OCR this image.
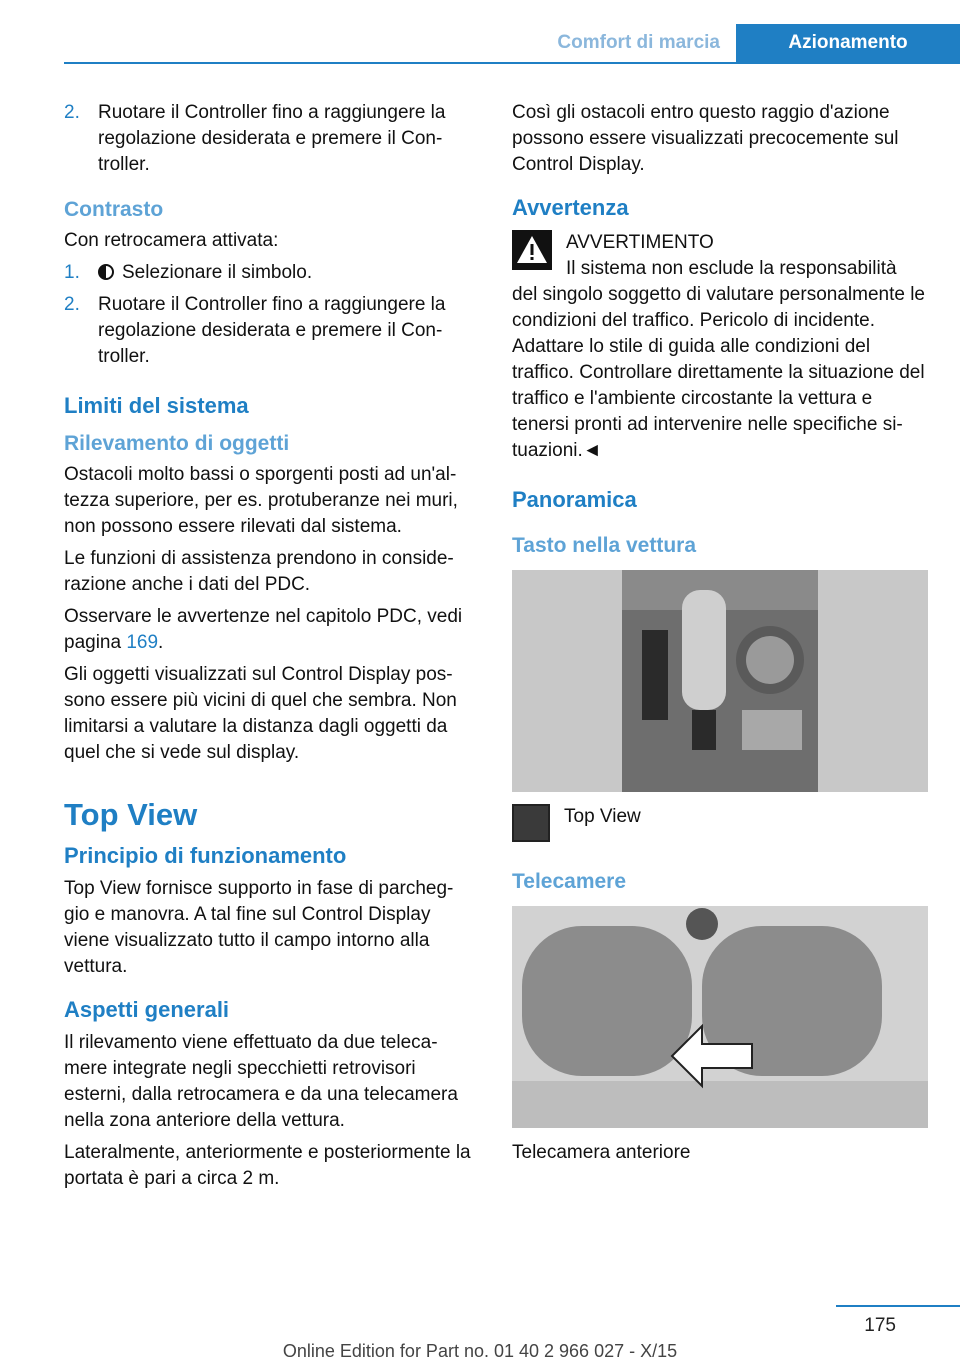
Comfort di marcia	Azionamento
2. Ruotare il Controller fino a raggiungere la regolazione desiderata e premere il Con-troller.
Contrasto

Con retrocamera attivata:

1.	Selezionare il simbolo.
2. Ruotare il Controller fino a raggiungere la regolazione desiderata e premere il Con-troller.
Limiti del sistema
Rilevamento di oggetti

Ostacoli molto bassi o sporgenti posti ad un'al-tezza superiore, per es. protuberanze nei muri, non possono essere rilevati dal sistema.

Le funzioni di assistenza prendono in conside-razione anche i dati del PDC.

Osservare le avvertenze nel capitolo PDC, vedi pagina 169.

Gli oggetti visualizzati sul Control Display pos-sono essere più vicini di quel che sembra. Non limitarsi a valutare la distanza dagli oggetti da quel che si vede sul display.

Top View
Principio di funzionamento

Top View fornisce supporto in fase di parcheg-gio e manovra. A tal fine sul Control Display viene visualizzato tutto il campo intorno alla vettura.

Aspetti generali

Il rilevamento viene effettuato da due teleca-mere integrate negli specchietti retrovisori esterni, dalla retrocamera e da una telecamera nella zona anteriore della vettura.

Lateralmente, anteriormente e posteriormente la portata è pari a circa 2 m.

Così gli ostacoli entro questo raggio d'azione possono essere visualizzati precocemente sul Control Display.

Avvertenza

AVVERTIMENTO

Il sistema non esclude la responsabilità

del singolo soggetto di valutare personalmente le condizioni del traffico. Pericolo di incidente. Adattare lo stile di guida alle condizioni del traffico. Controllare direttamente la situazione del traffico e l'ambiente circostante la vettura e tenersi pronti ad intervenire nelle specifiche si-tuazioni.◄

Panoramica
Tasto nella vettura

Top View

Telecamere

Telecamera anteriore

175
Online Edition for Part no. 01 40 2 966 027 - X/15
